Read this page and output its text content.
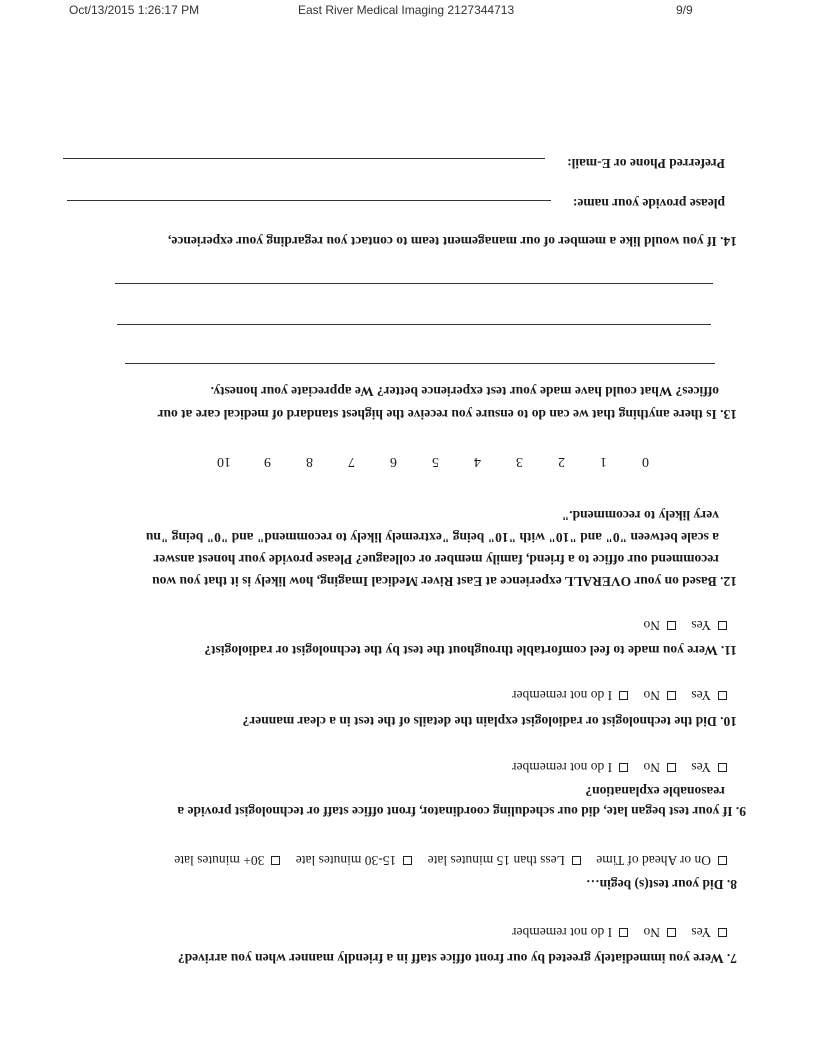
Oct/13/2015 1:26:17 PM	East River Medical Imaging 2127344713	9/9
7. Were you immediately greeted by our front office staff in a friendly manner when you arrived?
Yes No I do not remember
8. Did your test(s) begin…
On or Ahead of Time Less than 15 minutes late 15-30 minutes late 30+ minutes late
9. If your test began late, did our scheduling coordinator, front office staff or technologist provide a
reasonable explanation?
Yes No I do not remember
10. Did the technologist or radiologist explain the details of the test in a clear manner?
Yes No I do not remember
11. Were you made to feel comfortable throughout the test by the technologist or radiologist?
Yes No
12. Based on your OVERALL experience at East River Medical Imaging, how likely is it that you wou
recommend our office to a friend, family member or colleague? Please provide your honest answer
a scale between "0" and "10" with "10" being "extremely likely to recommend" and "0" being "nu
very likely to recommend."
0
1
2
3
4
5
6
7
8
9
10
13. Is there anything that we can do to ensure you receive the highest standard of medical care at our
offices? What could have made your test experience better? We appreciate your honesty.
14. If you would like a member of our management team to contact you regarding your experience,
please provide your name:
Preferred Phone or E-mail:
